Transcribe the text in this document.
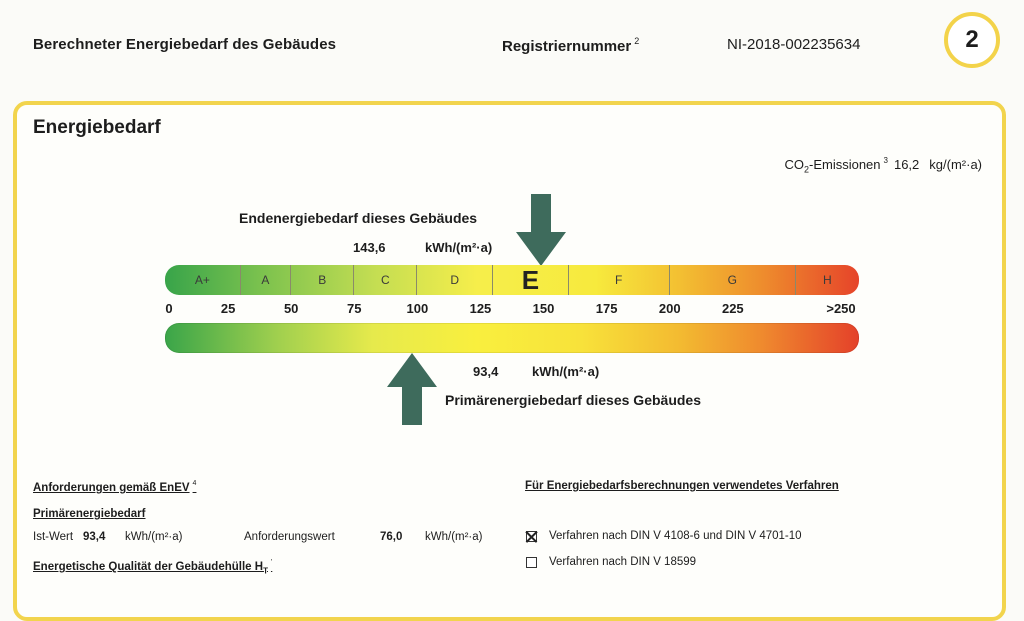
Berechneter Energiebedarf des Gebäudes	Registriernummer $^2$	NI-2018-002235634	2
Energiebedarf
$CO_2$-Emissionen $^3$ 16,2 kg/(m²·a)
Endenergiebedarf dieses Gebäudes
143,6	kWh/(m²·a)
A+	A	B	C	D	E	F	G	H
0	25	50	75	100	125	150	175	200	225	>250
93,4	kWh/(m²·a)
Primärenergiebedarf dieses Gebäudes
Anforderungen gemäß EnEV $^4$
Primärenergiebedarf
Ist-Wert 93,4 kWh/(m²·a)	Anforderungswert	76,0 kWh/(m²·a)
Energetische Qualität der Gebäudehülle $H_T'$
Für Energiebedarfsberechnungen verwendetes Verfahren
Verfahren nach DIN V 4108-6 und DIN V 4701-10
Verfahren nach DIN V 18599
